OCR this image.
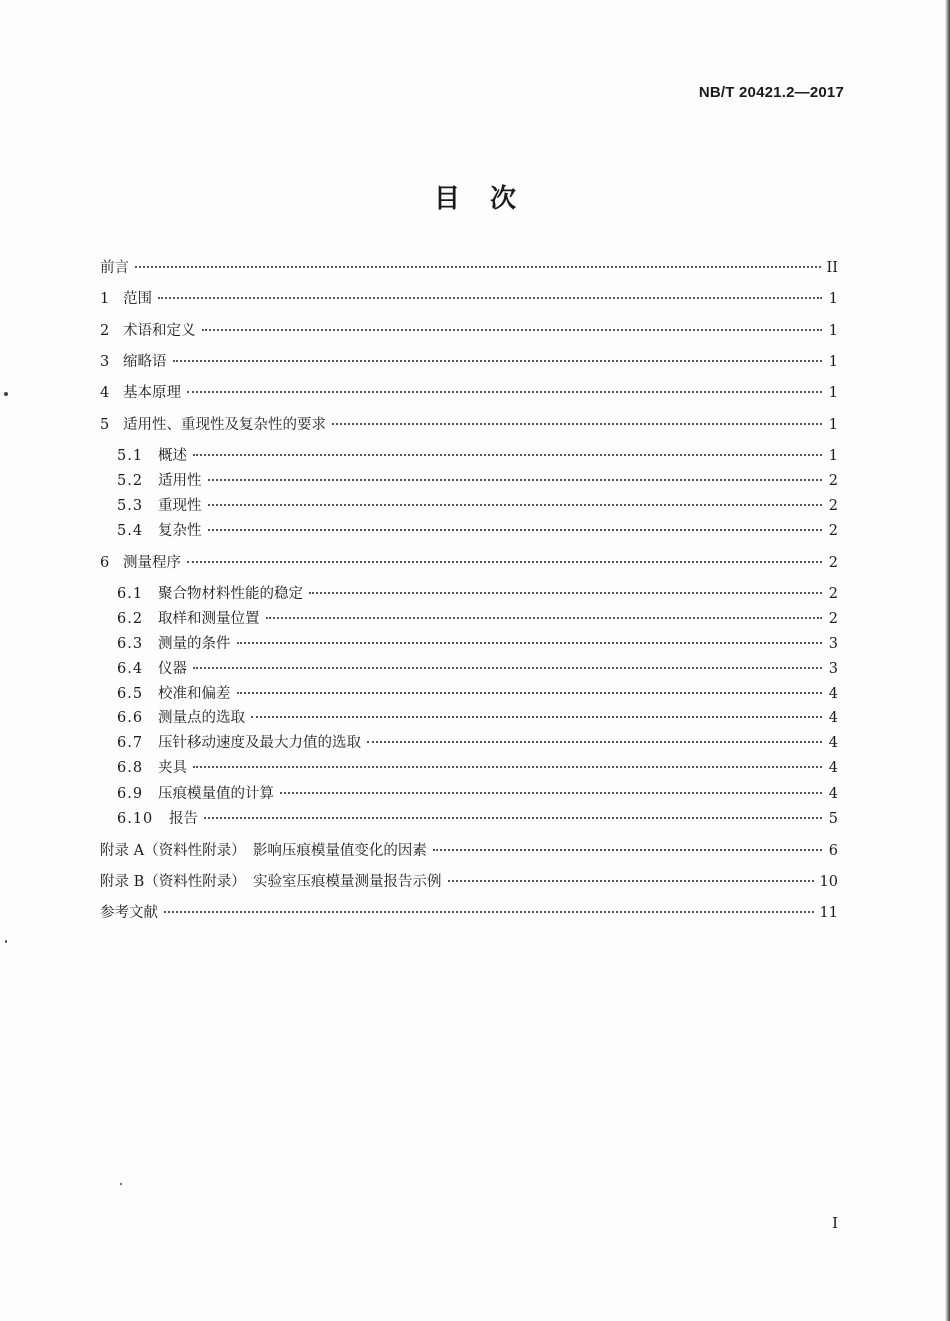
NB/T 20421.2—2017
目 次
前言	II
1 范围	1
2 术语和定义	1
3 缩略语	1
4 基本原理	1
5 适用性、重现性及复杂性的要求	1
5.1	概述	1
5.2	适用性	2
5.3	重现性	2
5.4	复杂性	2
6 测量程序	2
6.1	聚合物材料性能的稳定	2
6.2	取样和测量位置	2
6.3	测量的条件	3
6.4	仪器	3
6.5	校准和偏差	4
6.6	测量点的选取	4
6.7	压针移动速度及最大力值的选取	4
6.8	夹具	4
6.9	压痕模量值的计算	4
6.10	报告	5
附录 A（资料性附录）　影响压痕模量值变化的因素	6
附录 B（资料性附录）　实验室压痕模量测量报告示例	10
参考文献	11
I
